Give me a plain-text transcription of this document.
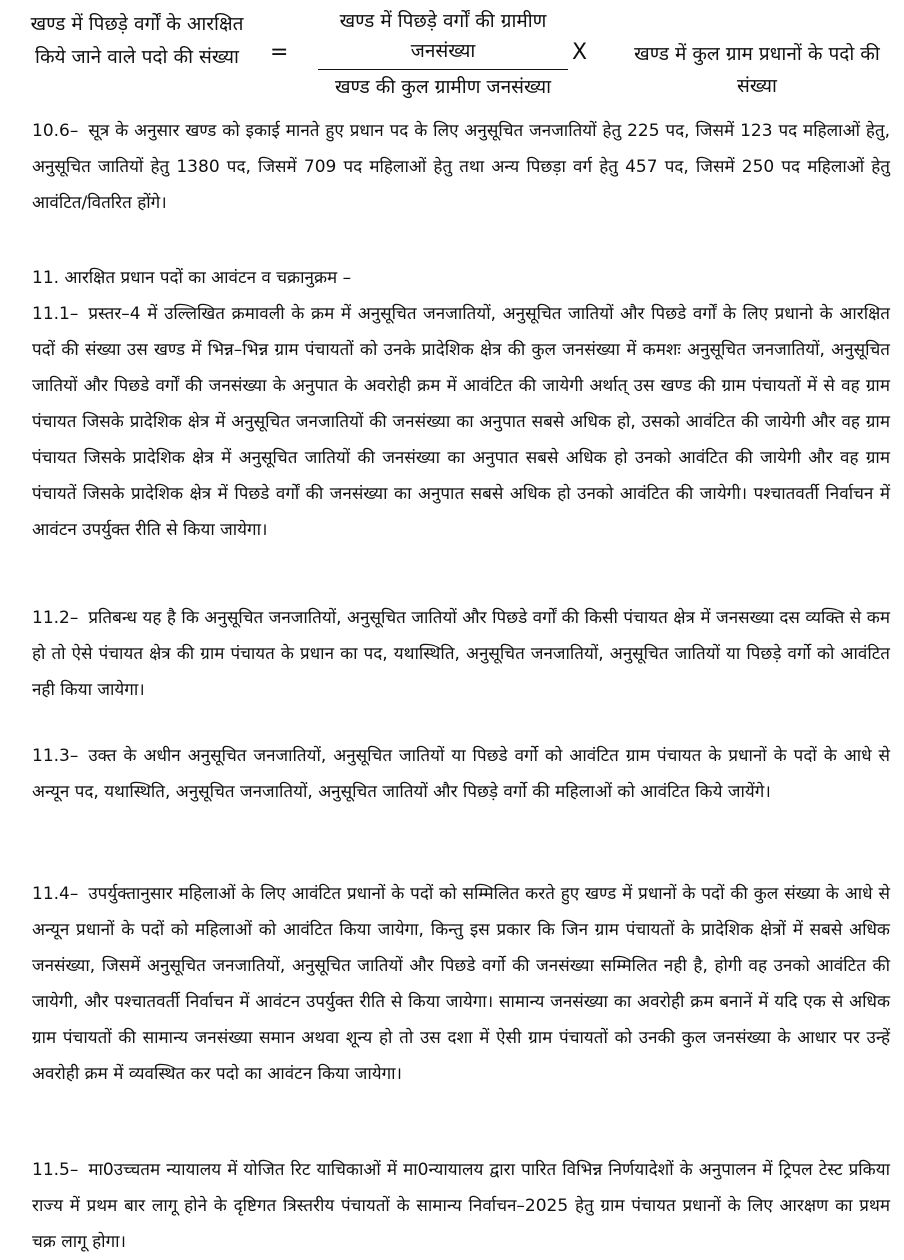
खण्ड में पिछड़े वर्गों के आरक्षित किये जाने वाले पदो की संख्या	=
खण्ड में पिछड़े वर्गों की ग्रामीण जनसंख्या
खण्ड की कुल ग्रामीण जनसंख्या
X खण्ड में कुल ग्राम प्रधानों के पदो की संख्या

10.6– सूत्र के अनुसार खण्ड को इकाई मानते हुए प्रधान पद के लिए अनुसूचित जनजातियों हेतु 225 पद, जिसमें 123 पद महिलाओं हेतु, अनुसूचित जातियों हेतु 1380 पद, जिसमें 709 पद महिलाओं हेतु तथा अन्य पिछड़ा वर्ग हेतु 457 पद, जिसमें 250 पद महिलाओं हेतु आवंटित/वितरित होंगे।

11. आरक्षित प्रधान पदों का आवंटन व चक्रानुक्रम –

11.1– प्रस्तर–4 में उल्लिखित क्रमावली के क्रम में अनुसूचित जनजातियों, अनुसूचित जातियों और पिछडे वर्गों के लिए प्रधानो के आरक्षित पदों की संख्या उस खण्ड में भिन्न–भिन्न ग्राम पंचायतों को उनके प्रादेशिक क्षेत्र की कुल जनसंख्या में कमशः अनुसूचित जनजातियों, अनुसूचित जातियों और पिछडे वर्गों की जनसंख्या के अनुपात के अवरोही क्रम में आवंटित की जायेगी अर्थात् उस खण्ड की ग्राम पंचायतों में से वह ग्राम पंचायत जिसके प्रादेशिक क्षेत्र में अनुसूचित जनजातियों की जनसंख्या का अनुपात सबसे अधिक हो, उसको आवंटित की जायेगी और वह ग्राम पंचायत जिसके प्रादेशिक क्षेत्र में अनुसूचित जातियों की जनसंख्या का अनुपात सबसे अधिक हो उनको आवंटित की जायेगी और वह ग्राम पंचायतें जिसके प्रादेशिक क्षेत्र में पिछडे वर्गों की जनसंख्या का अनुपात सबसे अधिक हो उनको आवंटित की जायेगी। पश्चातवर्ती निर्वाचन में आवंटन उपर्युक्त रीति से किया जायेगा।

11.2– प्रतिबन्ध यह है कि अनुसूचित जनजातियों, अनुसूचित जातियों और पिछडे वर्गों की किसी पंचायत क्षेत्र में जनसख्या दस व्यक्ति से कम हो तो ऐसे पंचायत क्षेत्र की ग्राम पंचायत के प्रधान का पद, यथास्थिति, अनुसूचित जनजातियों, अनुसूचित जातियों या पिछड़े वर्गो को आवंटित नही किया जायेगा।

11.3– उक्त के अधीन अनुसूचित जनजातियों, अनुसूचित जातियों या पिछडे वर्गो को आवंटित ग्राम पंचायत के प्रधानों के पदों के आधे से अन्यून पद, यथास्थिति, अनुसूचित जनजातियों, अनुसूचित जातियों और पिछड़े वर्गो की महिलाओं को आवंटित किये जायेंगे।

11.4– उपर्युक्तानुसार महिलाओं के लिए आवंटित प्रधानों के पदों को सम्मिलित करते हुए खण्ड में प्रधानों के पदों की कुल संख्या के आधे से अन्यून प्रधानों के पदों को महिलाओं को आवंटित किया जायेगा, किन्तु इस प्रकार कि जिन ग्राम पंचायतों के प्रादेशिक क्षेत्रों में सबसे अधिक जनसंख्या, जिसमें अनुसूचित जनजातियों, अनुसूचित जातियों और पिछडे वर्गो की जनसंख्या सम्मिलित नही है, होगी वह उनको आवंटित की जायेगी, और पश्चातवर्ती निर्वाचन में आवंटन उपर्युक्त रीति से किया जायेगा। सामान्य जनसंख्या का अवरोही क्रम बनानें में यदि एक से अधिक ग्राम पंचायतों की सामान्य जनसंख्या समान अथवा शून्य हो तो उस दशा में ऐसी ग्राम पंचायतों को उनकी कुल जनसंख्या के आधार पर उन्हें अवरोही क्रम में व्यवस्थित कर पदो का आवंटन किया जायेगा।

11.5– मा0उच्चतम न्यायालय में योजित रिट याचिकाओं में मा0न्यायालय द्वारा पारित विभिन्न निर्णयादेशों के अनुपालन में ट्रिपल टेस्ट प्रकिया राज्य में प्रथम बार लागू होने के दृष्टिगत त्रिस्तरीय पंचायतों के सामान्य निर्वाचन–2025 हेतु ग्राम पंचायत प्रधानों के लिए आरक्षण का प्रथम चक्र लागू होगा।
